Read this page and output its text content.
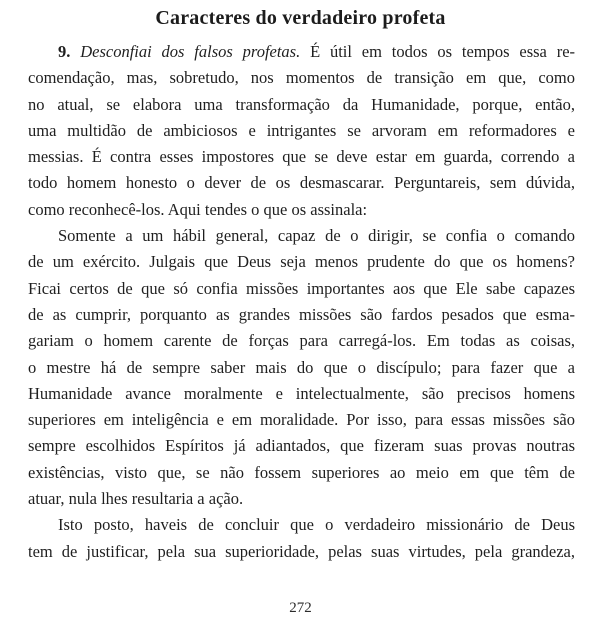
Caracteres do verdadeiro profeta
9. Desconfiai dos falsos profetas. É útil em todos os tempos essa re-
comendação, mas, sobretudo, nos momentos de transição em que, como
no atual, se elabora uma transformação da Humanidade, porque, então,
uma multidão de ambiciosos e intrigantes se arvoram em reformadores e
messias. É contra esses impostores que se deve estar em guarda, correndo a
todo homem honesto o dever de os desmascarar. Perguntareis, sem dúvida,
como reconhecê-los. Aqui tendes o que os assinala:
Somente a um hábil general, capaz de o dirigir, se confia o comando
de um exército. Julgais que Deus seja menos prudente do que os homens?
Ficai certos de que só confia missões importantes aos que Ele sabe capazes
de as cumprir, porquanto as grandes missões são fardos pesados que esma-
gariam o homem carente de forças para carregá-los. Em todas as coisas,
o mestre há de sempre saber mais do que o discípulo; para fazer que a
Humanidade avance moralmente e intelectualmente, são precisos homens
superiores em inteligência e em moralidade. Por isso, para essas missões são
sempre escolhidos Espíritos já adiantados, que fizeram suas provas noutras
existências, visto que, se não fossem superiores ao meio em que têm de
atuar, nula lhes resultaria a ação.
Isto posto, haveis de concluir que o verdadeiro missionário de Deus
tem de justificar, pela sua superioridade, pelas suas virtudes, pela grandeza,
272
